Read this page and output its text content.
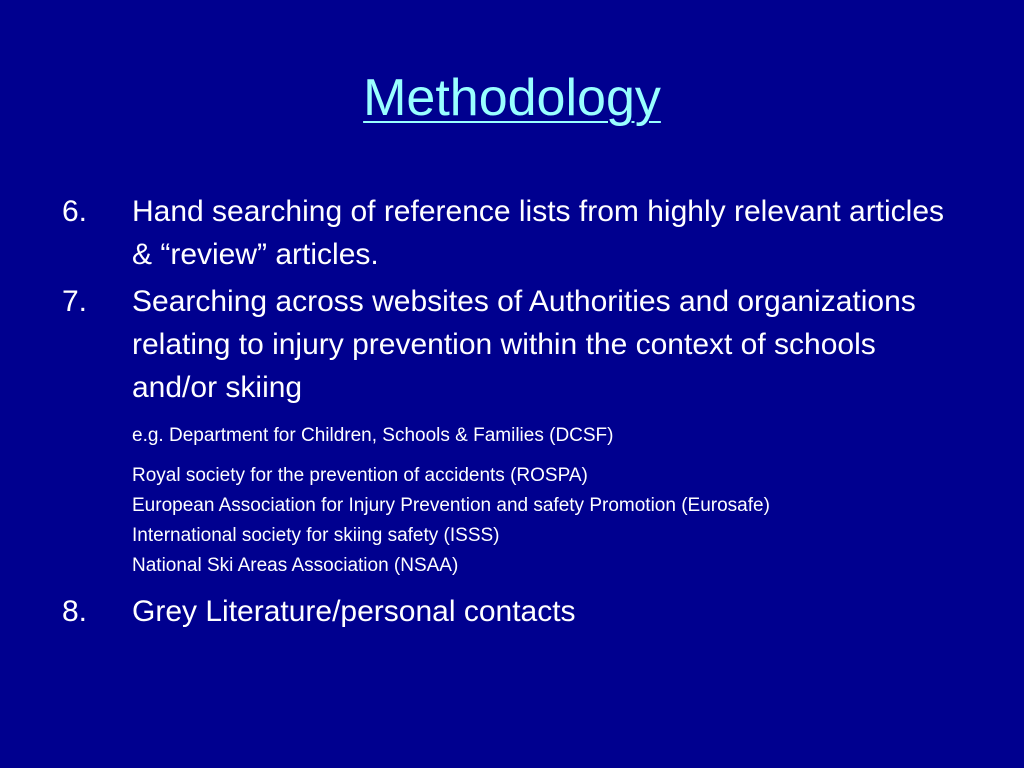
Methodology
6. Hand searching of reference lists from highly relevant articles & “review” articles.
7. Searching across websites of Authorities and organizations relating to injury prevention within the context of schools and/or skiing
e.g. Department for Children, Schools & Families (DCSF)
Royal society for the prevention of accidents (ROSPA)
European Association for Injury Prevention and safety Promotion (Eurosafe)
International society for skiing safety (ISSS)
National Ski Areas Association (NSAA)
8. Grey Literature/personal contacts
